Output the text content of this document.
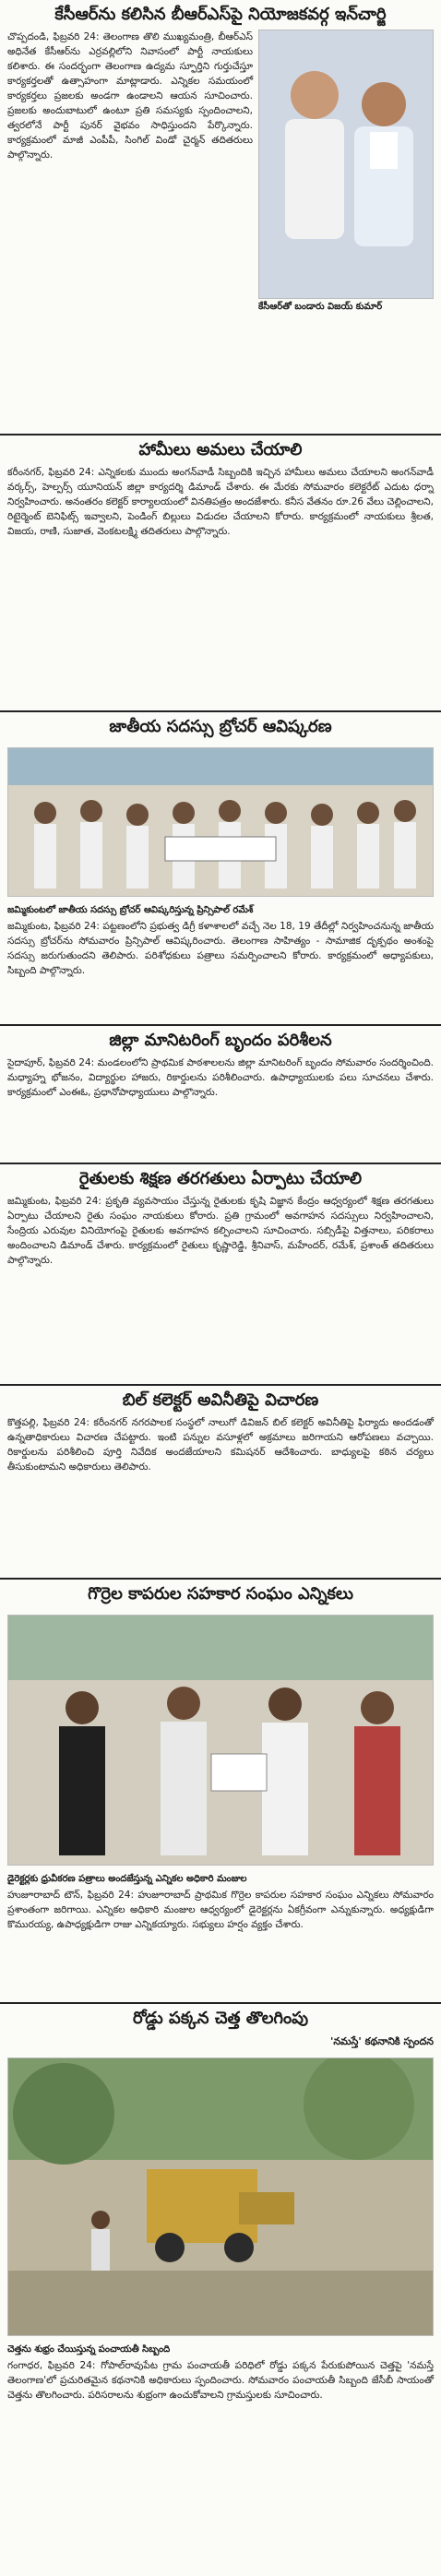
కేసీఆర్‌ను కలిసిన బీఆర్ఎస్‌పై నియోజకవర్గ ఇన్‌చార్జి

చొప్పదండి, ఫిబ్రవరి 24: తెలంగాణ తొలి ముఖ్యమంత్రి, బీఆర్ఎస్ అధినేత కేసీఆర్‌ను ఎర్రవల్లిలోని నివాసంలో పార్టీ నాయకులు కలిశారు. ఈ సందర్భంగా తెలంగాణ ఉద్యమ స్ఫూర్తిని గుర్తుచేస్తూ కార్యకర్తలతో ఉత్సాహంగా మాట్లాడారు. ఎన్నికల సమయంలో కార్యకర్తలు ప్రజలకు అండగా ఉండాలని ఆయన సూచించారు. ప్రజలకు అందుబాటులో ఉంటూ ప్రతి సమస్యకు స్పందించాలని, త్వరలోనే పార్టీ పునర్ వైభవం సాధిస్తుందని పేర్కొన్నారు. కార్యక్రమంలో మాజీ ఎంపీపీ, సింగిల్ విండో చైర్మన్ తదితరులు పాల్గొన్నారు.

కేసీఆర్‌తో బండారు విజయ్ కుమార్

హామీలు అమలు చేయాలి

కరీంనగర్, ఫిబ్రవరి 24: ఎన్నికలకు ముందు అంగన్‌వాడీ సిబ్బందికి ఇచ్చిన హామీలు అమలు చేయాలని అంగన్‌వాడీ వర్కర్స్, హెల్పర్స్ యూనియన్ జిల్లా కార్యదర్శి డిమాండ్ చేశారు. ఈ మేరకు సోమవారం కలెక్టరేట్ ఎదుట ధర్నా నిర్వహించారు. అనంతరం కలెక్టర్ కార్యాలయంలో వినతిపత్రం అందజేశారు. కనీస వేతనం రూ.26 వేలు చెల్లించాలని, రిటైర్మెంట్ బెనిఫిట్స్ ఇవ్వాలని, పెండింగ్ బిల్లులు విడుదల చేయాలని కోరారు. కార్యక్రమంలో నాయకులు శ్రీలత, విజయ, రాణి, సుజాత, వెంకటలక్ష్మి తదితరులు పాల్గొన్నారు.

జాతీయ సదస్సు బ్రోచర్ ఆవిష్కరణ

జమ్మికుంటలో జాతీయ సదస్సు బ్రోచర్ ఆవిష్కరిస్తున్న ప్రిన్సిపాల్ రమేశ్

జమ్మికుంట, ఫిబ్రవరి 24: పట్టణంలోని ప్రభుత్వ డిగ్రీ కళాశాలలో వచ్చే నెల 18, 19 తేదీల్లో నిర్వహించనున్న జాతీయ సదస్సు బ్రోచర్‌ను సోమవారం ప్రిన్సిపాల్ ఆవిష్కరించారు. తెలంగాణ సాహిత్యం - సామాజిక దృక్పథం అంశంపై సదస్సు జరుగుతుందని తెలిపారు. పరిశోధకులు పత్రాలు సమర్పించాలని కోరారు. కార్యక్రమంలో అధ్యాపకులు, సిబ్బంది పాల్గొన్నారు.

జిల్లా మానిటరింగ్ బృందం పరిశీలన

సైదాపూర్, ఫిబ్రవరి 24: మండలంలోని ప్రాథమిక పాఠశాలలను జిల్లా మానిటరింగ్ బృందం సోమవారం సందర్శించింది. మధ్యాహ్న భోజనం, విద్యార్థుల హాజరు, రికార్డులను పరిశీలించారు. ఉపాధ్యాయులకు పలు సూచనలు చేశారు. కార్యక్రమంలో ఎంఈఓ, ప్రధానోపాధ్యాయులు పాల్గొన్నారు.

రైతులకు శిక్షణ తరగతులు ఏర్పాటు చేయాలి

జమ్మికుంట, ఫిబ్రవరి 24: ప్రకృతి వ్యవసాయం చేస్తున్న రైతులకు కృషి విజ్ఞాన కేంద్రం ఆధ్వర్యంలో శిక్షణ తరగతులు ఏర్పాటు చేయాలని రైతు సంఘం నాయకులు కోరారు. ప్రతి గ్రామంలో అవగాహన సదస్సులు నిర్వహించాలని, సేంద్రియ ఎరువుల వినియోగంపై రైతులకు అవగాహన కల్పించాలని సూచించారు. సబ్సిడీపై విత్తనాలు, పరికరాలు అందించాలని డిమాండ్ చేశారు. కార్యక్రమంలో రైతులు కృష్ణారెడ్డి, శ్రీనివాస్, మహేందర్, రమేశ్, ప్రశాంత్ తదితరులు పాల్గొన్నారు.

బిల్ కలెక్టర్ అవినీతిపై విచారణ

కొత్తపల్లి, ఫిబ్రవరి 24: కరీంనగర్ నగరపాలక సంస్థలో నాలుగో డివిజన్ బిల్ కలెక్టర్ అవినీతిపై ఫిర్యాదు అందడంతో ఉన్నతాధికారులు విచారణ చేపట్టారు. ఇంటి పన్నుల వసూళ్లలో అక్రమాలు జరిగాయని ఆరోపణలు వచ్చాయి. రికార్డులను పరిశీలించి పూర్తి నివేదిక అందజేయాలని కమిషనర్ ఆదేశించారు. బాధ్యులపై కఠిన చర్యలు తీసుకుంటామని అధికారులు తెలిపారు.

గొర్రెల కాపరుల సహకార సంఘం ఎన్నికలు

డైరెక్టర్లకు ధ్రువీకరణ పత్రాలు అందజేస్తున్న ఎన్నికల అధికారి మంజుల

హుజూరాబాద్ టౌన్, ఫిబ్రవరి 24: హుజూరాబాద్ ప్రాథమిక గొర్రెల కాపరుల సహకార సంఘం ఎన్నికలు సోమవారం ప్రశాంతంగా జరిగాయి. ఎన్నికల అధికారి మంజుల ఆధ్వర్యంలో డైరెక్టర్లను ఏకగ్రీవంగా ఎన్నుకున్నారు. అధ్యక్షుడిగా కొమురయ్య, ఉపాధ్యక్షుడిగా రాజు ఎన్నికయ్యారు. సభ్యులు హర్షం వ్యక్తం చేశారు.

రోడ్డు పక్కన చెత్త తొలగింపు

'నమస్తే' కథనానికి స్పందన

చెత్తను శుభ్రం చేయిస్తున్న పంచాయతీ సిబ్బంది

గంగాధర, ఫిబ్రవరి 24: గోపాల్‌రావుపేట గ్రామ పంచాయతీ పరిధిలో రోడ్డు పక్కన పేరుకుపోయిన చెత్తపై 'నమస్తే తెలంగాణ'లో ప్రచురితమైన కథనానికి అధికారులు స్పందించారు. సోమవారం పంచాయతీ సిబ్బంది జేసీబీ సాయంతో చెత్తను తొలగించారు. పరిసరాలను శుభ్రంగా ఉంచుకోవాలని గ్రామస్తులకు సూచించారు.
